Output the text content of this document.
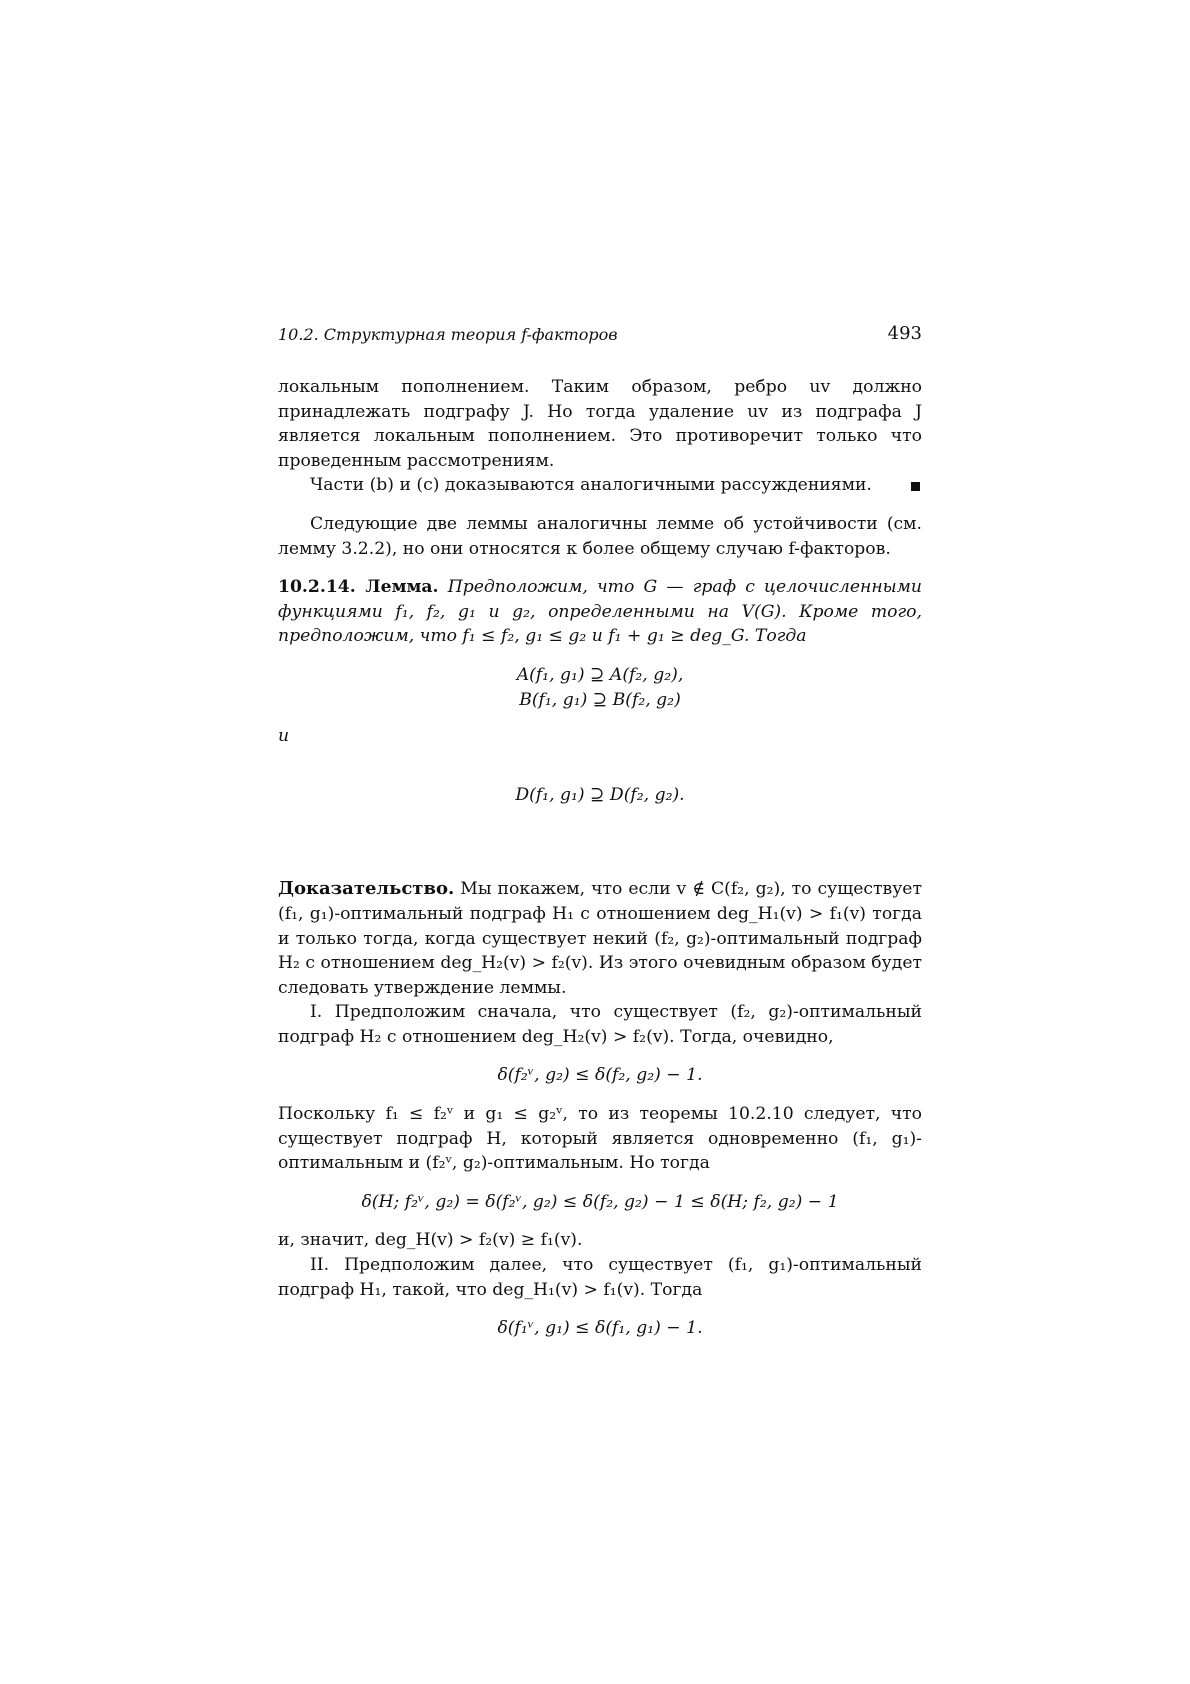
10.2. Структурная теория f-факторов	493

локальным пополнением. Таким образом, ребро uv должно принадлежать подграфу J. Но тогда удаление uv из подграфа J является локальным пополнением. Это противоречит только что проведенным рассмотрениям.

Части (b) и (c) доказываются аналогичными рассуждениями.

Следующие две леммы аналогичны лемме об устойчивости (см. лемму 3.2.2), но они относятся к более общему случаю f-факторов.

10.2.14. Лемма. Предположим, что G — граф с целочисленными функциями f₁, f₂, g₁ и g₂, определенными на V(G). Кроме того, предположим, что f₁ ≤ f₂, g₁ ≤ g₂ и f₁ + g₁ ≥ deg_G. Тогда

A(f₁, g₁) ⊇ A(f₂, g₂),

B(f₁, g₁) ⊇ B(f₂, g₂)

и

D(f₁, g₁) ⊇ D(f₂, g₂).

Доказательство. Мы покажем, что если v ∉ C(f₂, g₂), то существует (f₁, g₁)-оптимальный подграф H₁ с отношением deg_H₁(v) > f₁(v) тогда и только тогда, когда существует некий (f₂, g₂)-оптимальный подграф H₂ с отношением deg_H₂(v) > f₂(v). Из этого очевидным образом будет следовать утверждение леммы.

I. Предположим сначала, что существует (f₂, g₂)-оптимальный подграф H₂ с отношением deg_H₂(v) > f₂(v). Тогда, очевидно,

δ(f₂ᵛ, g₂) ≤ δ(f₂, g₂) − 1.

Поскольку f₁ ≤ f₂ᵛ и g₁ ≤ g₂ᵛ, то из теоремы 10.2.10 следует, что существует подграф H, который является одновременно (f₁, g₁)-оптимальным и (f₂ᵛ, g₂)-оптимальным. Но тогда

δ(H; f₂ᵛ, g₂) = δ(f₂ᵛ, g₂) ≤ δ(f₂, g₂) − 1 ≤ δ(H; f₂, g₂) − 1

и, значит, deg_H(v) > f₂(v) ≥ f₁(v).

II. Предположим далее, что существует (f₁, g₁)-оптимальный подграф H₁, такой, что deg_H₁(v) > f₁(v). Тогда

δ(f₁ᵛ, g₁) ≤ δ(f₁, g₁) − 1.
